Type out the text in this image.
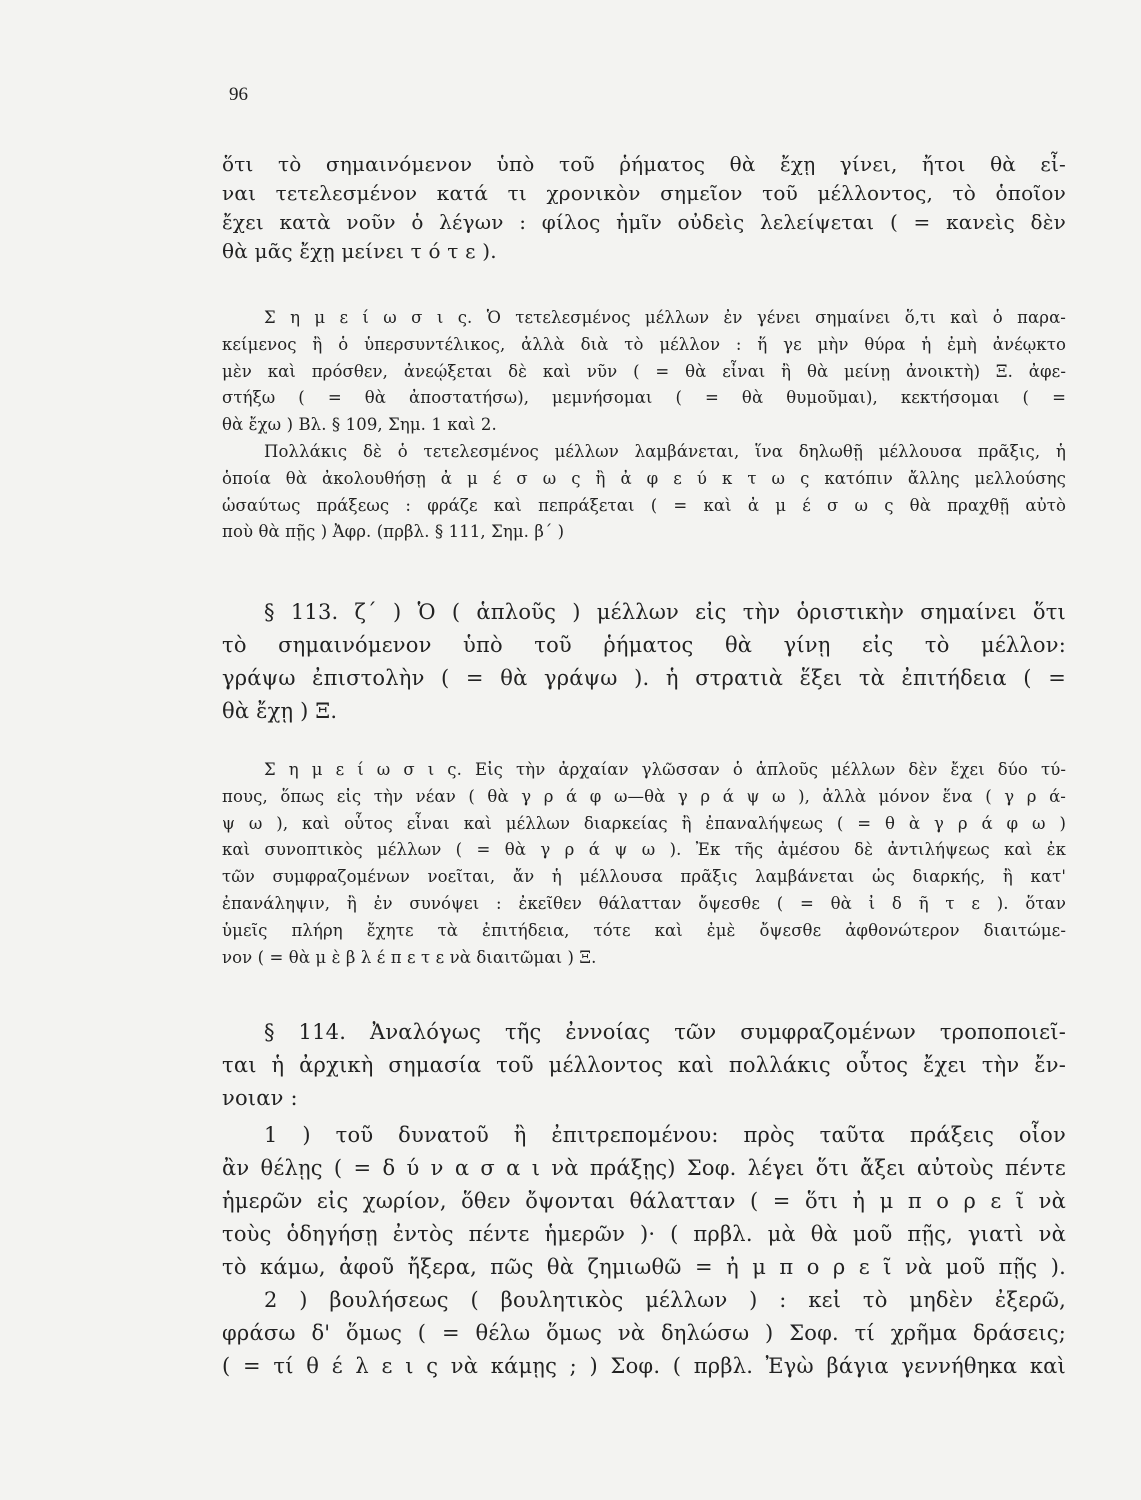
96
ὅτι τὸ σημαινόμενον ὑπὸ τοῦ ῥήματος θὰ ἔχῃ γίνει, ἤτοι θὰ εἶ-
ναι τετελεσμένον κατά τι χρονικὸν σημεῖον τοῦ μέλλοντος, τὸ ὁποῖον
ἔχει κατὰ νοῦν ὁ λέγων : φίλος ἡμῖν οὐδεὶς λελείψεται ( = κανεὶς δὲν
θὰ μᾶς ἔχῃ μείνει τ ό τ ε ).
Σ η μ ε ί ω σ ι ς. Ὁ τετελεσμένος μέλλων ἐν γένει σημαίνει ὅ,τι καὶ ὁ παρα-
κείμενος ἢ ὁ ὑπερσυντέλικος, ἀλλὰ διὰ τὸ μέλλον : ἥ γε μὴν θύρα ἡ ἐμὴ ἀνέῳκτο
μὲν καὶ πρόσθεν, ἀνεῴξεται δὲ καὶ νῦν ( = θὰ εἶναι ἢ θὰ μείνῃ ἀνοικτὴ) Ξ. ἀφε-
στήξω ( = θὰ ἀποστατήσω), μεμνήσομαι ( = θὰ θυμοῦμαι), κεκτήσομαι ( =
θὰ ἔχω ) Βλ. § 109, Σημ. 1 καὶ 2.
Πολλάκις δὲ ὁ τετελεσμένος μέλλων λαμβάνεται, ἵνα δηλωθῇ μέλλουσα πρᾶξις, ἡ
ὁποία θὰ ἀκολουθήσῃ ἀ μ έ σ ω ς ἢ ἀ φ ε ύ κ τ ω ς κατόπιν ἄλλης μελλούσης
ὡσαύτως πράξεως : φράζε καὶ πεπράξεται ( = καὶ ἀ μ έ σ ω ς θὰ πραχθῇ αὐτὸ
ποὺ θὰ πῇς ) Ἀφρ. (πρβλ. § 111, Σημ. β΄ )
§ 113. ζ΄ ) Ὁ ( ἁπλοῦς ) μέλλων εἰς τὴν ὁριστικὴν σημαίνει ὅτι
τὸ σημαινόμενον ὑπὸ τοῦ ῥήματος θὰ γίνῃ εἰς τὸ μέλλον:
γράψω ἐπιστολὴν ( = θὰ γράψω ). ἡ στρατιὰ ἕξει τὰ ἐπιτήδεια ( =
θὰ ἔχῃ ) Ξ.
Σ η μ ε ί ω σ ι ς. Εἰς τὴν ἀρχαίαν γλῶσσαν ὁ ἁπλοῦς μέλλων δὲν ἔχει δύο τύ-
πους, ὅπως εἰς τὴν νέαν ( θὰ γ ρ ά φ ω—θὰ γ ρ ά ψ ω ), ἀλλὰ μόνον ἕνα ( γ ρ ά-
ψ ω ), καὶ οὗτος εἶναι καὶ μέλλων διαρκείας ἢ ἐπαναλήψεως ( = θ ὰ γ ρ ά φ ω )
καὶ συνοπτικὸς μέλλων ( = θὰ γ ρ ά ψ ω ). Ἐκ τῆς ἀμέσου δὲ ἀντιλήψεως καὶ ἐκ
τῶν συμφραζομένων νοεῖται, ἄν ἡ μέλλουσα πρᾶξις λαμβάνεται ὡς διαρκής, ἢ κατ'
ἐπανάληψιν, ἢ ἐν συνόψει : ἐκεῖθεν θάλατταν ὄψεσθε ( = θὰ ἰ δ ῆ τ ε ). ὅταν
ὑμεῖς πλήρη ἔχητε τὰ ἐπιτήδεια, τότε καὶ ἐμὲ ὄψεσθε ἀφθονώτερον διαιτώμε-
νον ( = θὰ μ ὲ β λ έ π ε τ ε νὰ διαιτῶμαι ) Ξ.
§ 114. Ἀναλόγως τῆς ἐννοίας τῶν συμφραζομένων τροποποιεῖ-
ται ἡ ἀρχικὴ σημασία τοῦ μέλλοντος καὶ πολλάκις οὗτος ἔχει τὴν ἔν-
νοιαν :
1 ) τοῦ δυνατοῦ ἢ ἐπιτρεπομένου: πρὸς ταῦτα πράξεις οἷον
ἂν θέλῃς ( = δ ύ ν α σ α ι νὰ πράξῃς) Σοφ. λέγει ὅτι ἄξει αὐτοὺς πέντε
ἡμερῶν εἰς χωρίον, ὅθεν ὄψονται θάλατταν ( = ὅτι ἠ μ π ο ρ ε ῖ νὰ
τοὺς ὁδηγήσῃ ἐντὸς πέντε ἡμερῶν )· ( πρβλ. μὰ θὰ μοῦ πῇς, γιατὶ νὰ
τὸ κάμω, ἀφοῦ ἤξερα, πῶς θὰ ζημιωθῶ = ἠ μ π ο ρ ε ῖ νὰ μοῦ πῇς ).
2 ) βουλήσεως ( βουλητικὸς μέλλων ) : κεἰ τὸ μηδὲν ἐξερῶ,
φράσω δ' ὅμως ( = θέλω ὅμως νὰ δηλώσω ) Σοφ. τί χρῆμα δράσεις;
( = τί θ έ λ ε ι ς νὰ κάμῃς ; ) Σοφ. ( πρβλ. Ἐγὼ βάγια γεννήθηκα καὶ
